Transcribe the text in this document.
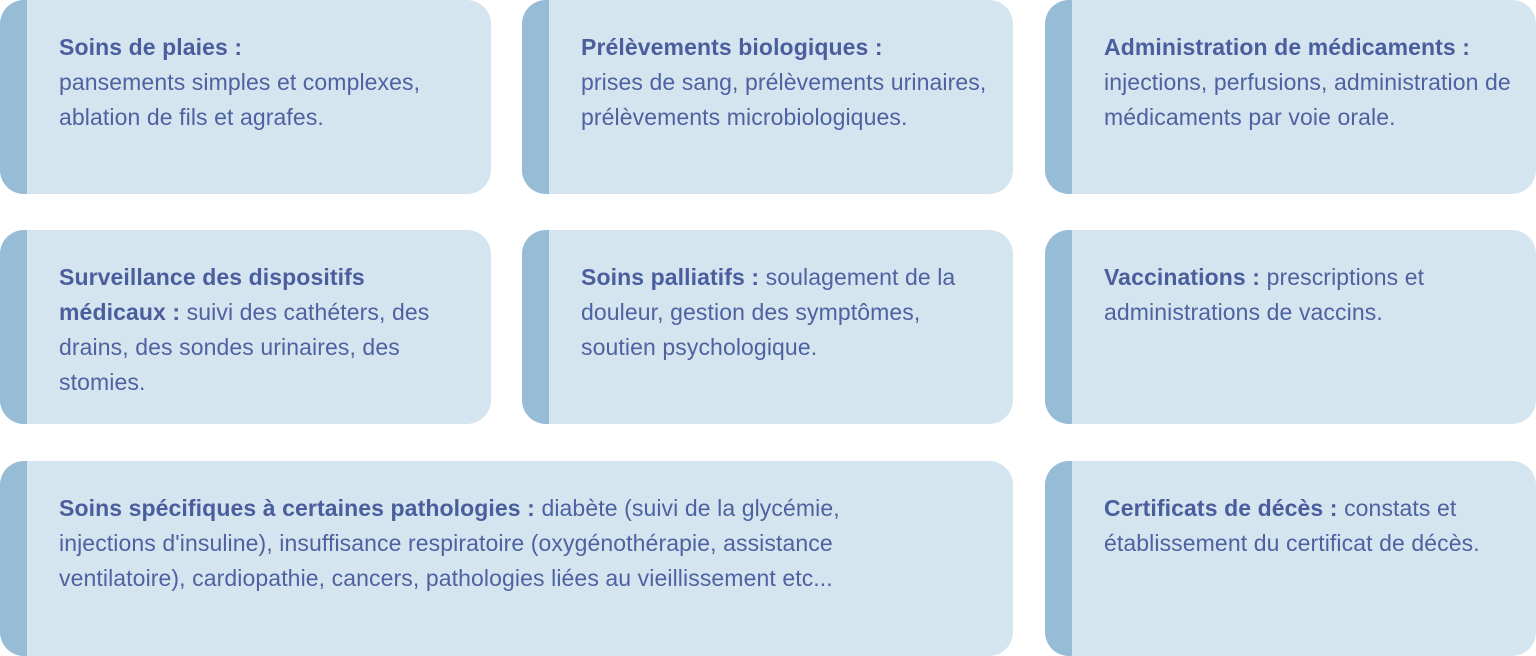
Soins de plaies :
pansements simples et complexes, ablation de fils et agrafes.
Prélèvements biologiques :
prises de sang, prélèvements urinaires, prélèvements microbiologiques.
Administration de médicaments :
injections, perfusions, administration de médicaments par voie orale.
Surveillance des dispositifs médicaux : suivi des cathéters, des drains, des sondes urinaires, des stomies.
Soins palliatifs : soulagement de la douleur, gestion des symptômes, soutien psychologique.
Vaccinations : prescriptions et administrations de vaccins.
Soins spécifiques à certaines pathologies : diabète (suivi de la glycémie, injections d'insuline), insuffisance respiratoire (oxygénothérapie, assistance ventilatoire), cardiopathie, cancers, pathologies liées au vieillissement etc...
Certificats de décès : constats et établissement du certificat de décès.
